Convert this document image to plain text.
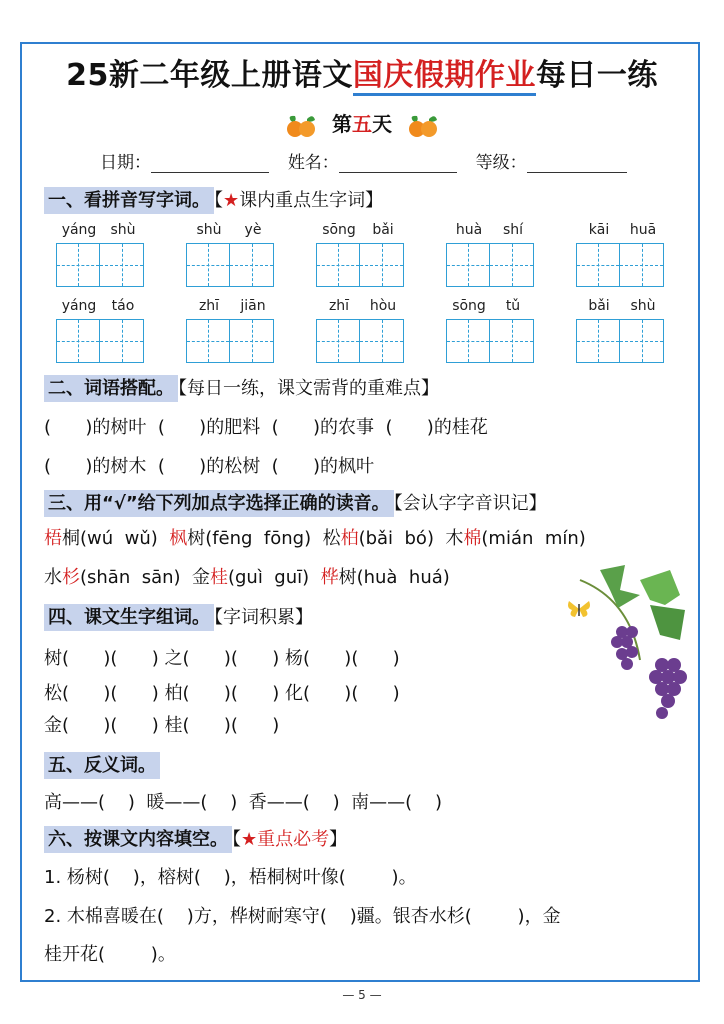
25新二年级上册语文国庆假期作业每日一练
第五天
日期：	姓名：	等级：
一、看拼音写字词。 【★课内重点生字词】
yáng	shù	shù	yè	sōng	bǎi	huà	shí	kāi	huā
yáng	táo	zhī	jiān	zhī	hòu	sōng	tǔ	bǎi	shù
二、词语搭配。 【每日一练，课文需背的重难点】
(      )的树叶  (      )的肥料  (      )的农事  (      )的桂花
(      )的树木  (      )的松树  (      )的枫叶
三、用“√”给下列加点字选择正确的读音。 【会认字字音识记】
梧桐(wú  wǔ)  枫树(fēng  fōng)  松柏(bǎi  bó)  木棉(mián  mín)
水杉(shān  sān)  金桂(guì  guī)  桦树(huà  huá)
四、课文生字组词。 【字词积累】
树(      )(      ) 之(      )(      ) 杨(      )(      )
松(      )(      ) 柏(      )(      ) 化(      )(      )
金(      )(      ) 桂(      )(      )
五、反义词。
高——(    )  暖——(    )  香——(    )  南——(    )
六、按课文内容填空。 【★重点必考】
1. 杨树(    )，榕树(    )，梧桐树叶像(        )。
2. 木棉喜暖在(    )方，桦树耐寒守(    )疆。银杏水杉(        )，金
桂开花(        )。
— 5 —
